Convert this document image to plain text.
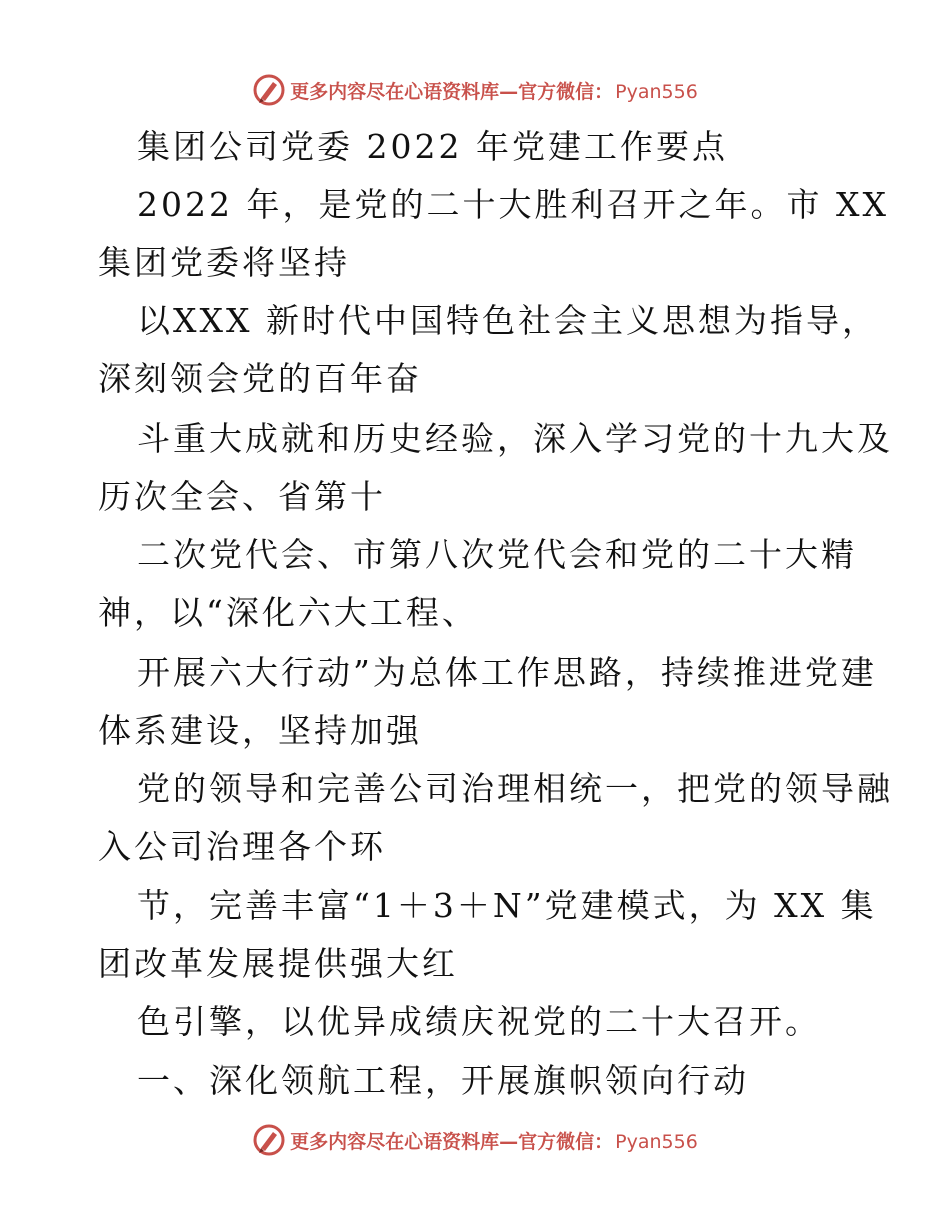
更多内容尽在心语资料库—官方微信： Pyan556
集团公司党委 2022 年党建工作要点
2022 年，是党的二十大胜利召开之年。市 XX
集团党委将坚持
以XXX 新时代中国特色社会主义思想为指导，
深刻领会党的百年奋
斗重大成就和历史经验，深入学习党的十九大及
历次全会、省第十
二次党代会、市第八次党代会和党的二十大精
神，以“深化六大工程、
开展六大行动”为总体工作思路，持续推进党建
体系建设，坚持加强
党的领导和完善公司治理相统一，把党的领导融
入公司治理各个环
节，完善丰富“1＋3＋N”党建模式，为 XX 集
团改革发展提供强大红
色引擎，以优异成绩庆祝党的二十大召开。
一、深化领航工程，开展旗帜领向行动
更多内容尽在心语资料库—官方微信： Pyan556
